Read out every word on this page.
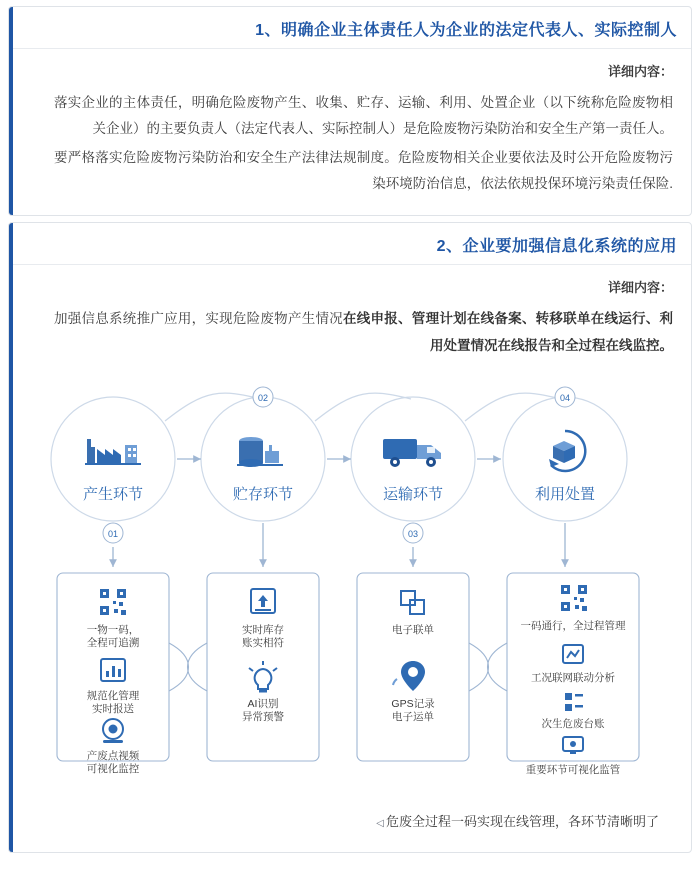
1、明确企业主体责任人为企业的法定代表人、实际控制人
详细内容：

落实企业的主体责任，明确危险废物产生、收集、贮存、运输、利用、处置企业（以下统称危险废物相关企业）的主要负责人（法定代表人、实际控制人）是危险废物污染防治和安全生产第一责任人。

要严格落实危险废物污染防治和安全生产法律法规制度。危险废物相关企业要依法及时公开危险废物污染环境防治信息，依法依规投保环境污染责任保险.

2、企业要加强信息化系统的应用
详细内容：

加强信息系统推广应用，实现危险废物产生情况在线申报、管理计划在线备案、转移联单在线运行、利用处置情况在线报告和全过程在线监控。

产生环节	贮存环节	运输环节	利用处置
02	04
01	03
一物一码，
全程可追溯
规范化管理
实时报送
产废点视频
可视化监控
实时库存
账实相符
AI识别
异常预警
电子联单
GPS记录
电子运单
一码通行，全过程管理
工况联网联动分析
次生危废台账
重要环节可视化监管
◁ 危废全过程一码实现在线管理，各环节清晰明了
